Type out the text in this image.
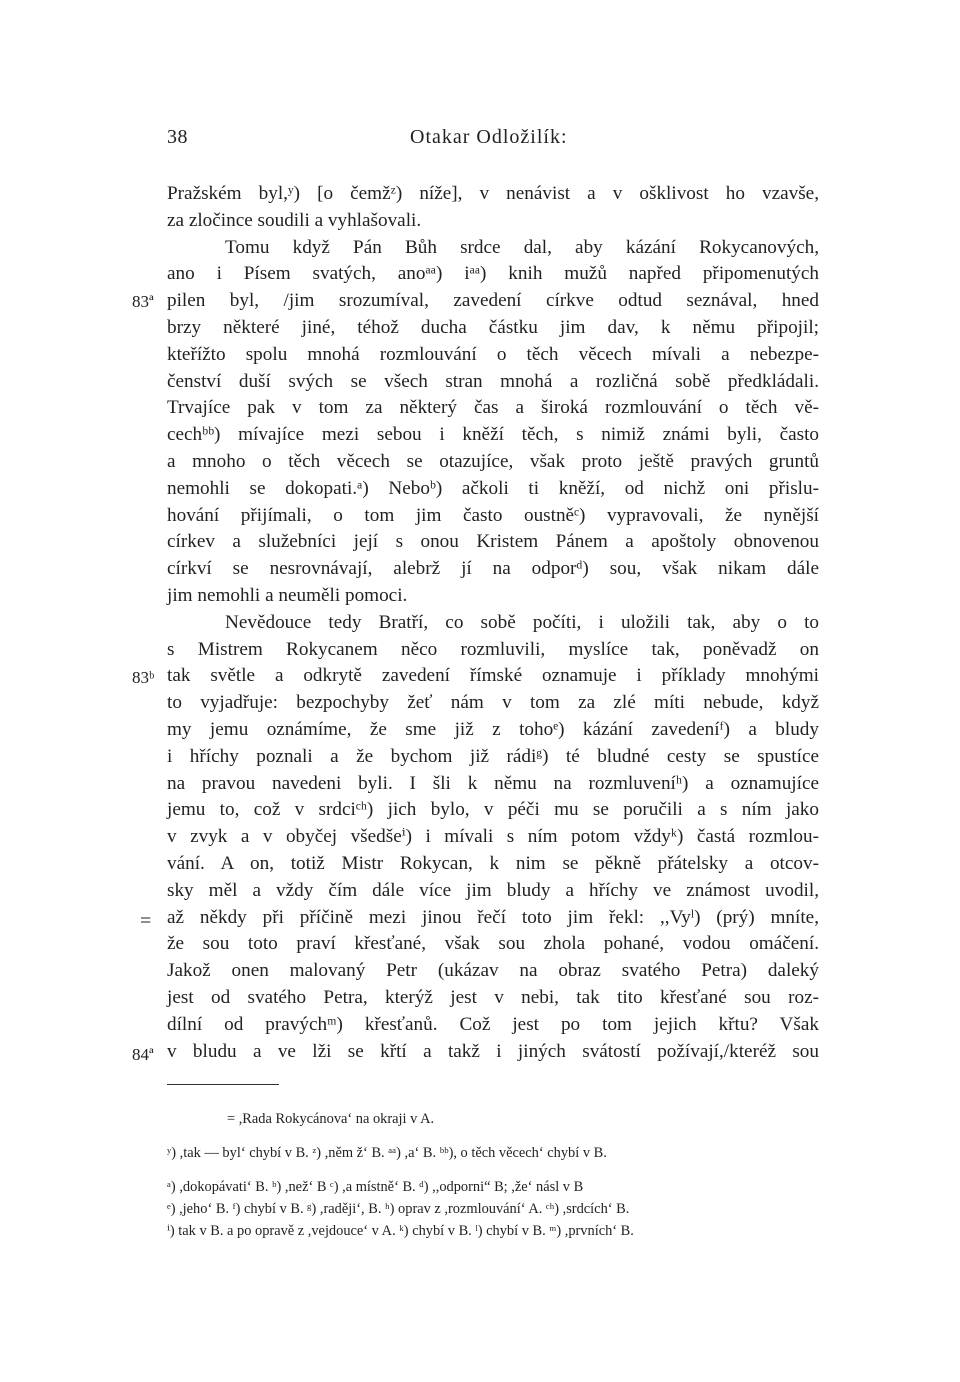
38	Otakar Odložilík:
83ª
83ᵇ
=
84ª
Pražském byl,ʸ) [o čemžᶻ) níže], v nenávist a v ošklivost ho vzavše,
za zločince soudili a vyhlašovali.
Tomu když Pán Bůh srdce dal, aby kázání Rokycanových,
ano i Písem svatých, anoᵃᵃ) iᵃᵃ) knih mužů napřed připomenutých
pilen byl, /jim srozumíval, zavedení církve odtud seznával, hned
brzy některé jiné, téhož ducha částku jim dav, k němu připojil;
kteřížto spolu mnohá rozmlouvání o těch věcech mívali a nebezpe-
čenství duší svých se všech stran mnohá a rozličná sobě předkládali.
Trvajíce pak v tom za některý čas a široká rozmlouvání o těch vě-
cechᵇᵇ) mívajíce mezi sebou i kněží těch, s nimiž známi byli, často
a mnoho o těch věcech se otazujíce, však proto ještě pravých gruntů
nemohli se dokopati.ᵃ) Neboᵇ) ačkoli ti kněží, od nichž oni přislu-
hování přijímali, o tom jim často oustněᶜ) vypravovali, že nynější
církev a služebníci její s onou Kristem Pánem a apoštoly obnovenou
církví se nesrovnávají, alebrž jí na odporᵈ) sou, však nikam dále
jim nemohli a neuměli pomoci.
Nevědouce tedy Bratří, co sobě počíti, i uložili tak, aby o to
s Mistrem Rokycanem něco rozmluvili, myslíce tak, poněvadž on
tak světle a odkrytě zavedení římské oznamuje i příklady mnohými
to vyjadřuje: bezpochyby žeť nám v tom za zlé míti nebude, když
my jemu oznámíme, že sme již z tohoᵉ) kázání zavedeníᶠ) a bludy
i hříchy poznali a že bychom již rádiᵍ) té bludné cesty se spustíce
na pravou navedeni byli. I šli k němu na rozmluveníʰ) a oznamujíce
jemu to, což v srdciᶜʰ) jich bylo, v péči mu se poručili a s ním jako
v zvyk a v obyčej všedšeⁱ) i mívali s ním potom vždyᵏ) častá rozmlou-
vání. A on, totiž Mistr Rokycan, k nim se pěkně přátelsky a otcov-
sky měl a vždy čím dále více jim bludy a hříchy ve známost uvodil,
až někdy při příčině mezi jinou řečí toto jim řekl: ,,Vyˡ) (prý) mníte,
že sou toto praví křesťané, však sou zhola pohané, vodou omáčení.
Jakož onen malovaný Petr (ukázav na obraz svatého Petra) daleký
jest od svatého Petra, kterýž jest v nebi, tak tito křesťané sou roz-
dílní od pravýchᵐ) křesťanů. Což jest po tom jejich křtu? Však
v bludu a ve lži se křtí a takž i jiných svátostí požívají,/kteréž sou
= ,Rada Rokycánova‘ na okraji v A.
ʸ) ,tak — byl‘ chybí v B. ᶻ) ,něm ž‘ B. ᵃᵃ) ,a‘ B. ᵇᵇ), o těch věcech‘ chybí v B.
ᵃ) ,dokopávati‘ B. ᵇ) ,než‘ B ᶜ) ,a místně‘ B. ᵈ) ,,odporni“ B; ,že‘ násl v B
ᵉ) ,jeho‘ B. ᶠ) chybí v B. ᵍ) ,raději‘, B. ʰ) oprav z ,rozmlouvání‘ A. ᶜʰ) ,srdcích‘ B.
ⁱ) tak v B. a po opravě z ,vejdouce‘ v A. ᵏ) chybí v B. ˡ) chybí v B. ᵐ) ,prvních‘ B.
